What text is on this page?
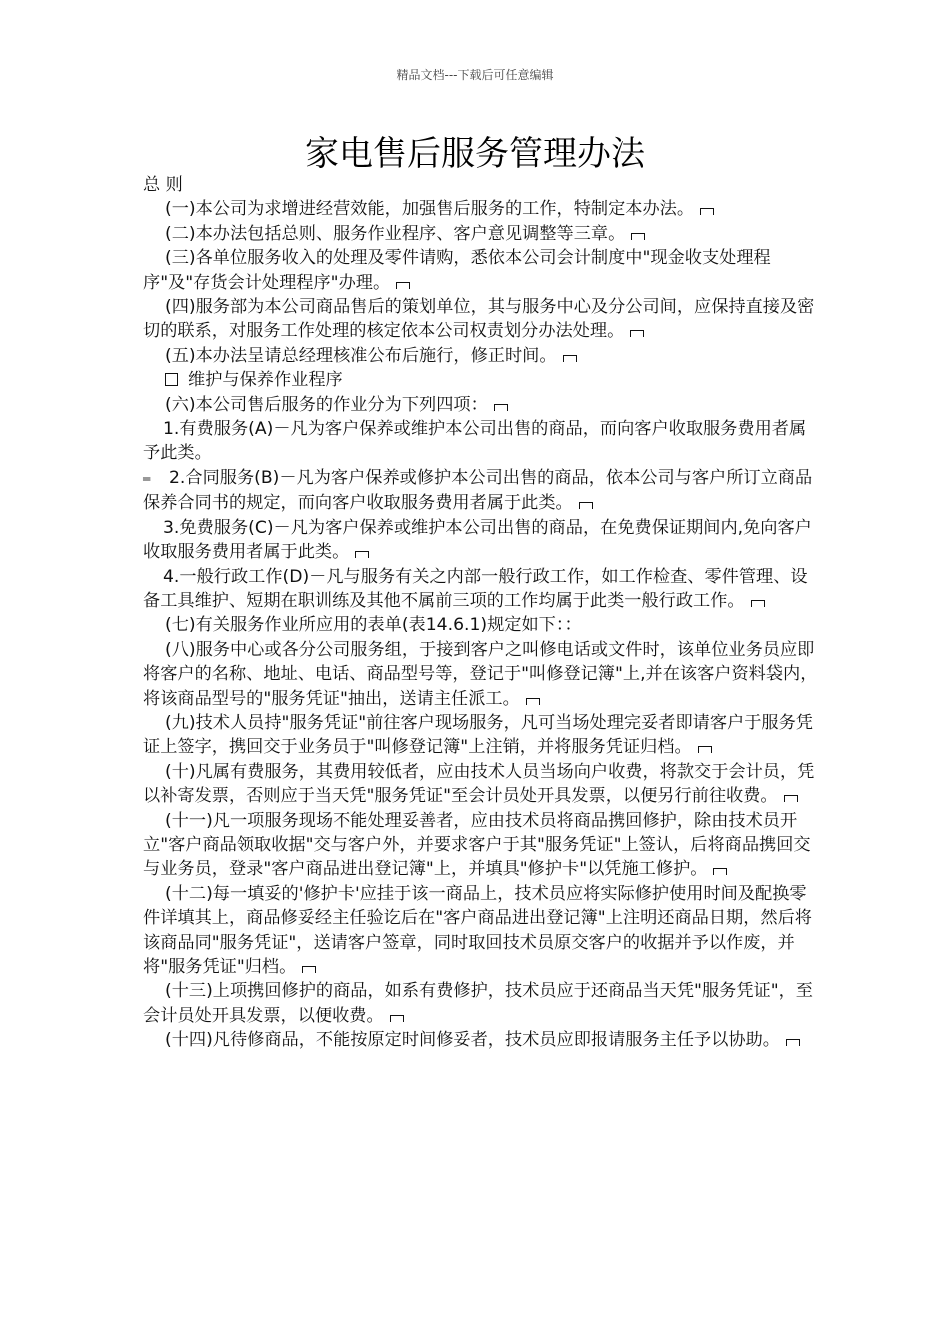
精品文档---下载后可任意编辑
家电售后服务管理办法

总 则

(一)本公司为求增进经营效能，加强售后服务的工作，特制定本办法。

(二)本办法包括总则、服务作业程序、客户意见调整等三章。

(三)各单位服务收入的处理及零件请购，悉依本公司会计制度中"现金收支处理程序"及"存货会计处理程序"办理。

(四)服务部为本公司商品售后的策划单位，其与服务中心及分公司间，应保持直接及密切的联系，对服务工作处理的核定依本公司权责划分办法处理。

(五)本办法呈请总经理核准公布后施行，修正时间。

维护与保养作业程序

(六)本公司售后服务的作业分为下列四项：

1.有费服务(A)－凡为客户保养或维护本公司出售的商品，而向客户收取服务费用者属予此类。

═ 2.合同服务(B)－凡为客户保养或修护本公司出售的商品，依本公司与客户所订立商品保养合同书的规定，而向客户收取服务费用者属于此类。

3.免费服务(C)－凡为客户保养或维护本公司出售的商品，在免费保证期间内,免向客户收取服务费用者属于此类。

4.一般行政工作(D)－凡与服务有关之内部一般行政工作，如工作检查、零件管理、设备工具维护、短期在职训练及其他不属前三项的工作均属于此类一般行政工作。

(七)有关服务作业所应用的表单(表14.6.1)规定如下：：

(八)服务中心或各分公司服务组，于接到客户之叫修电话或文件时，该单位业务员应即将客户的名称、地址、电话、商品型号等，登记于"叫修登记簿"上,并在该客户资料袋内，将该商品型号的"服务凭证"抽出，送请主任派工。

(九)技术人员持"服务凭证"前往客户现场服务，凡可当场处理完妥者即请客户于服务凭证上签字，携回交于业务员于"叫修登记簿"上注销，并将服务凭证归档。

(十)凡属有费服务，其费用较低者，应由技术人员当场向户收费，将款交于会计员，凭以补寄发票，否则应于当天凭"服务凭证"至会计员处开具发票，以便另行前往收费。

(十一)凡一项服务现场不能处理妥善者，应由技术员将商品携回修护，除由技术员开立"客户商品领取收据"交与客户外，并要求客户于其"服务凭证"上签认，后将商品携回交与业务员，登录"客户商品进出登记簿"上，并填具"修护卡"以凭施工修护。

(十二)每一填妥的'修护卡'应挂于该一商品上，技术员应将实际修护使用时间及配换零件详填其上，商品修妥经主任验讫后在"客户商品进出登记簿"上注明还商品日期，然后将该商品同"服务凭证"，送请客户签章，同时取回技术员原交客户的收据并予以作废，并将"服务凭证"归档。

(十三)上项携回修护的商品，如系有费修护，技术员应于还商品当天凭"服务凭证"，至会计员处开具发票，以便收费。

(十四)凡待修商品，不能按原定时间修妥者，技术员应即报请服务主任予以协助。
